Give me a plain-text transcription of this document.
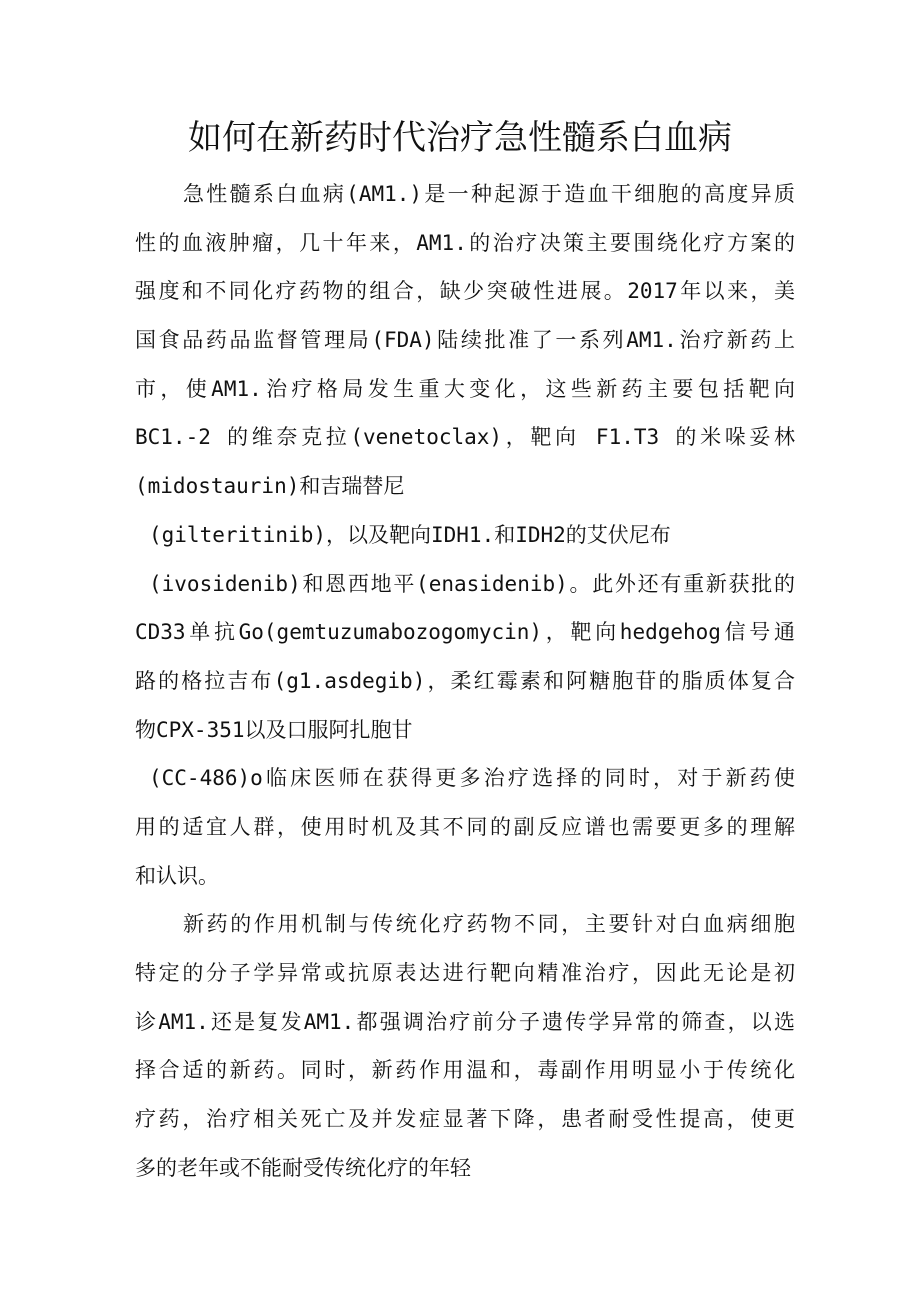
如何在新药时代治疗急性髓系白血病
急性髓系白血病(AM1.)是一种起源于造血干细胞的高度异质
性的血液肿瘤，几十年来，AM1.的治疗决策主要围绕化疗方案的
强度和不同化疗药物的组合，缺少突破性进展。2017年以来，美
国食品药品监督管理局(FDA)陆续批准了一系列AM1.治疗新药上
市，使AM1.治疗格局发生重大变化，这些新药主要包括靶向
BC1.-2 的维奈克拉(venetoclax)，靶向 F1.T3 的米哚妥林
(midostaurin)和吉瑞替尼
(gilteritinib)，以及靶向IDH1.和IDH2的艾伏尼布
(ivosidenib)和恩西地平(enasidenib)。此外还有重新获批的
CD33单抗Go(gemtuzumabozogomycin)，靶向hedgehog信号通
路的格拉吉布(g1.asdegib)，柔红霉素和阿糖胞苷的脂质体复合
物CPX-351以及口服阿扎胞甘
(CC-486)o临床医师在获得更多治疗选择的同时，对于新药使
用的适宜人群，使用时机及其不同的副反应谱也需要更多的理解
和认识。
新药的作用机制与传统化疗药物不同，主要针对白血病细胞
特定的分子学异常或抗原表达进行靶向精准治疗，因此无论是初
诊AM1.还是复发AM1.都强调治疗前分子遗传学异常的筛查，以选
择合适的新药。同时，新药作用温和，毒副作用明显小于传统化
疗药，治疗相关死亡及并发症显著下降，患者耐受性提高，使更
多的老年或不能耐受传统化疗的年轻
